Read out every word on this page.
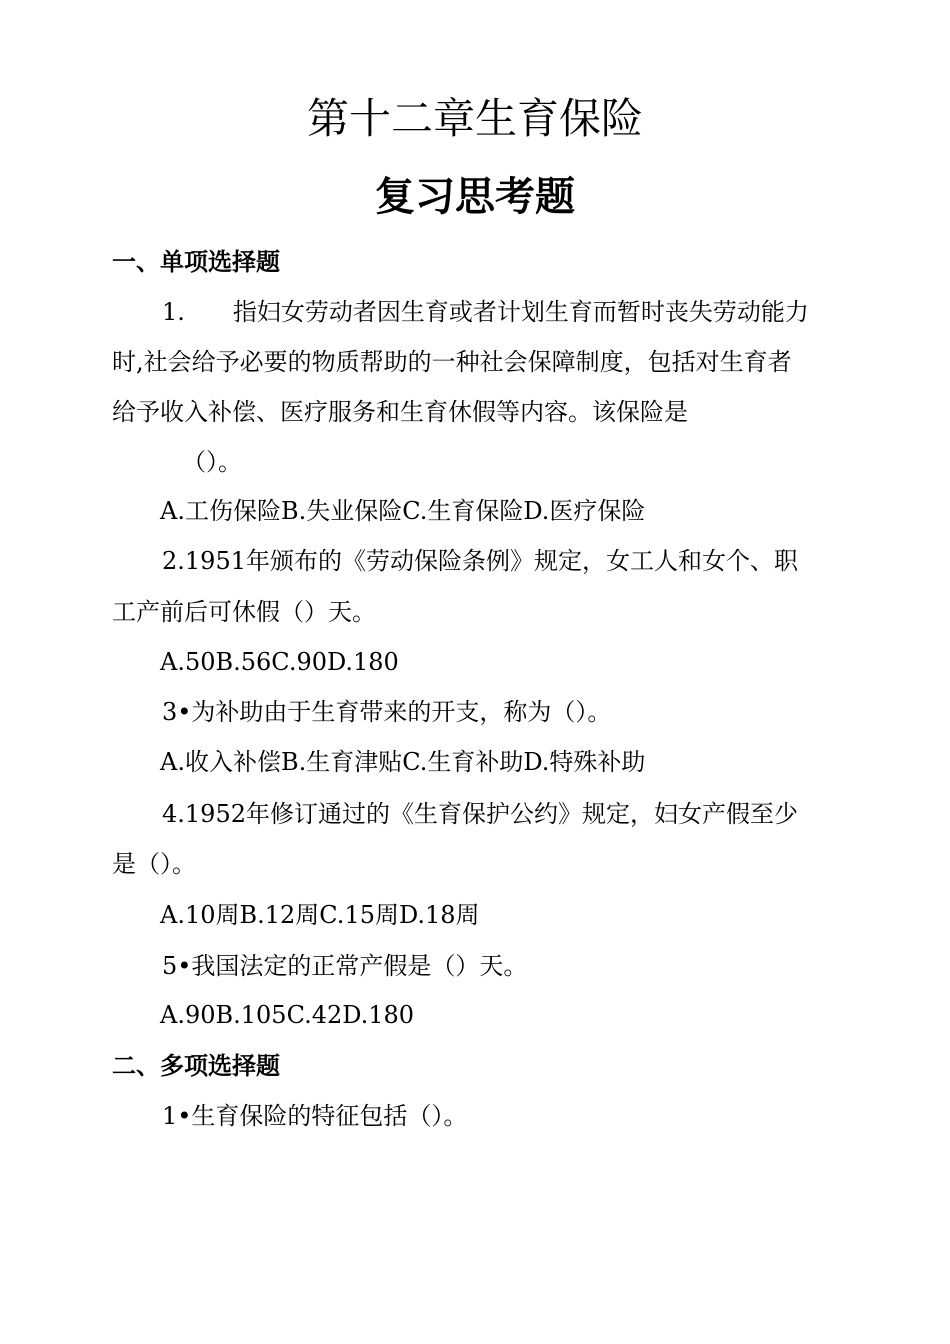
第十二章生育保险
复习思考题
一、单项选择题
1. 指妇女劳动者因生育或者计划生育而暂时丧失劳动能力
时,社会给予必要的物质帮助的一种社会保障制度，包括对生育者
给予收入补偿、医疗服务和生育休假等内容。该保险是
（）。
A.工伤保险B.失业保险C.生育保险D.医疗保险
2.1951年颁布的《劳动保险条例》规定，女工人和女个、职
工产前后可休假（）天。
A.50B.56C.90D.180
3•为补助由于生育带来的开支，称为（）。
A.收入补偿B.生育津贴C.生育补助D.特殊补助
4.1952年修订通过的《生育保护公约》规定，妇女产假至少
是（）。
A.10周B.12周C.15周D.18周
5•我国法定的正常产假是（）天。
A.90B.105C.42D.180
二、多项选择题
1•生育保险的特征包括（）。
